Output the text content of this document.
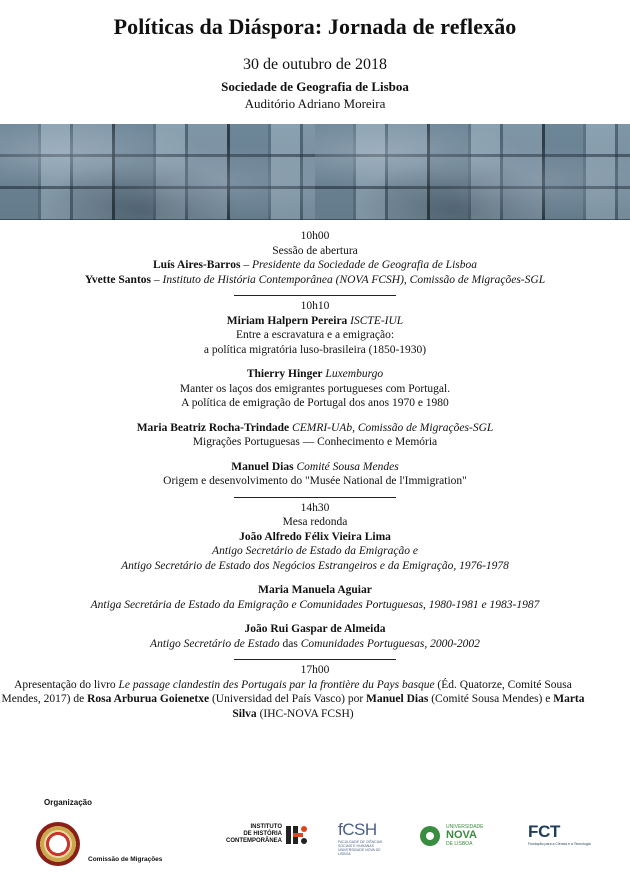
Políticas da Diáspora: Jornada de reflexão
30 de outubro de 2018
Sociedade de Geografia de Lisboa
Auditório Adriano Moreira

10h00

Sessão de abertura

Luís Aires-Barros – Presidente da Sociedade de Geografia de Lisboa

Yvette Santos – Instituto de História Contemporânea (NOVA FCSH), Comissão de Migrações-SGL

10h10

Miriam Halpern Pereira ISCTE-IUL

Entre a escravatura e a emigração:

a política migratória luso-brasileira (1850-1930)

Thierry Hinger Luxemburgo

Manter os laços dos emigrantes portugueses com Portugal.

A política de emigração de Portugal dos anos 1970 e 1980

Maria Beatriz Rocha-Trindade CEMRI-UAb, Comissão de Migrações-SGL

Migrações Portuguesas — Conhecimento e Memória

Manuel Dias Comité Sousa Mendes

Origem e desenvolvimento do "Musée National de l'Immigration"

14h30

Mesa redonda

João Alfredo Félix Vieira Lima

Antigo Secretário de Estado da Emigração e

Antigo Secretário de Estado dos Negócios Estrangeiros e da Emigração, 1976-1978

Maria Manuela Aguiar

Antiga Secretária de Estado da Emigração e Comunidades Portuguesas, 1980-1981 e 1983-1987

João Rui Gaspar de Almeida

Antigo Secretário de Estado das Comunidades Portuguesas, 2000-2002

17h00

Apresentação do livro Le passage clandestin des Portugais par la frontière du Pays basque (Éd. Quatorze, Comité Sousa Mendes, 2017) de Rosa Arburua Goienetxe (Universidad del País Vasco) por Manuel Dias (Comité Sousa Mendes) e Marta Silva (IHC-NOVA FCSH)

Organização
Comissão de Migrações
INSTITUTO
DE HISTÓRIA
CONTEMPORÂNEA
fCSH
FACULDADE DE CIÊNCIAS SOCIAIS E HUMANAS UNIVERSIDADE NOVA DE LISBOA
UNIVERSIDADE
NOVA
DE LISBOA
FCT
Fundação para a Ciência e a Tecnologia
